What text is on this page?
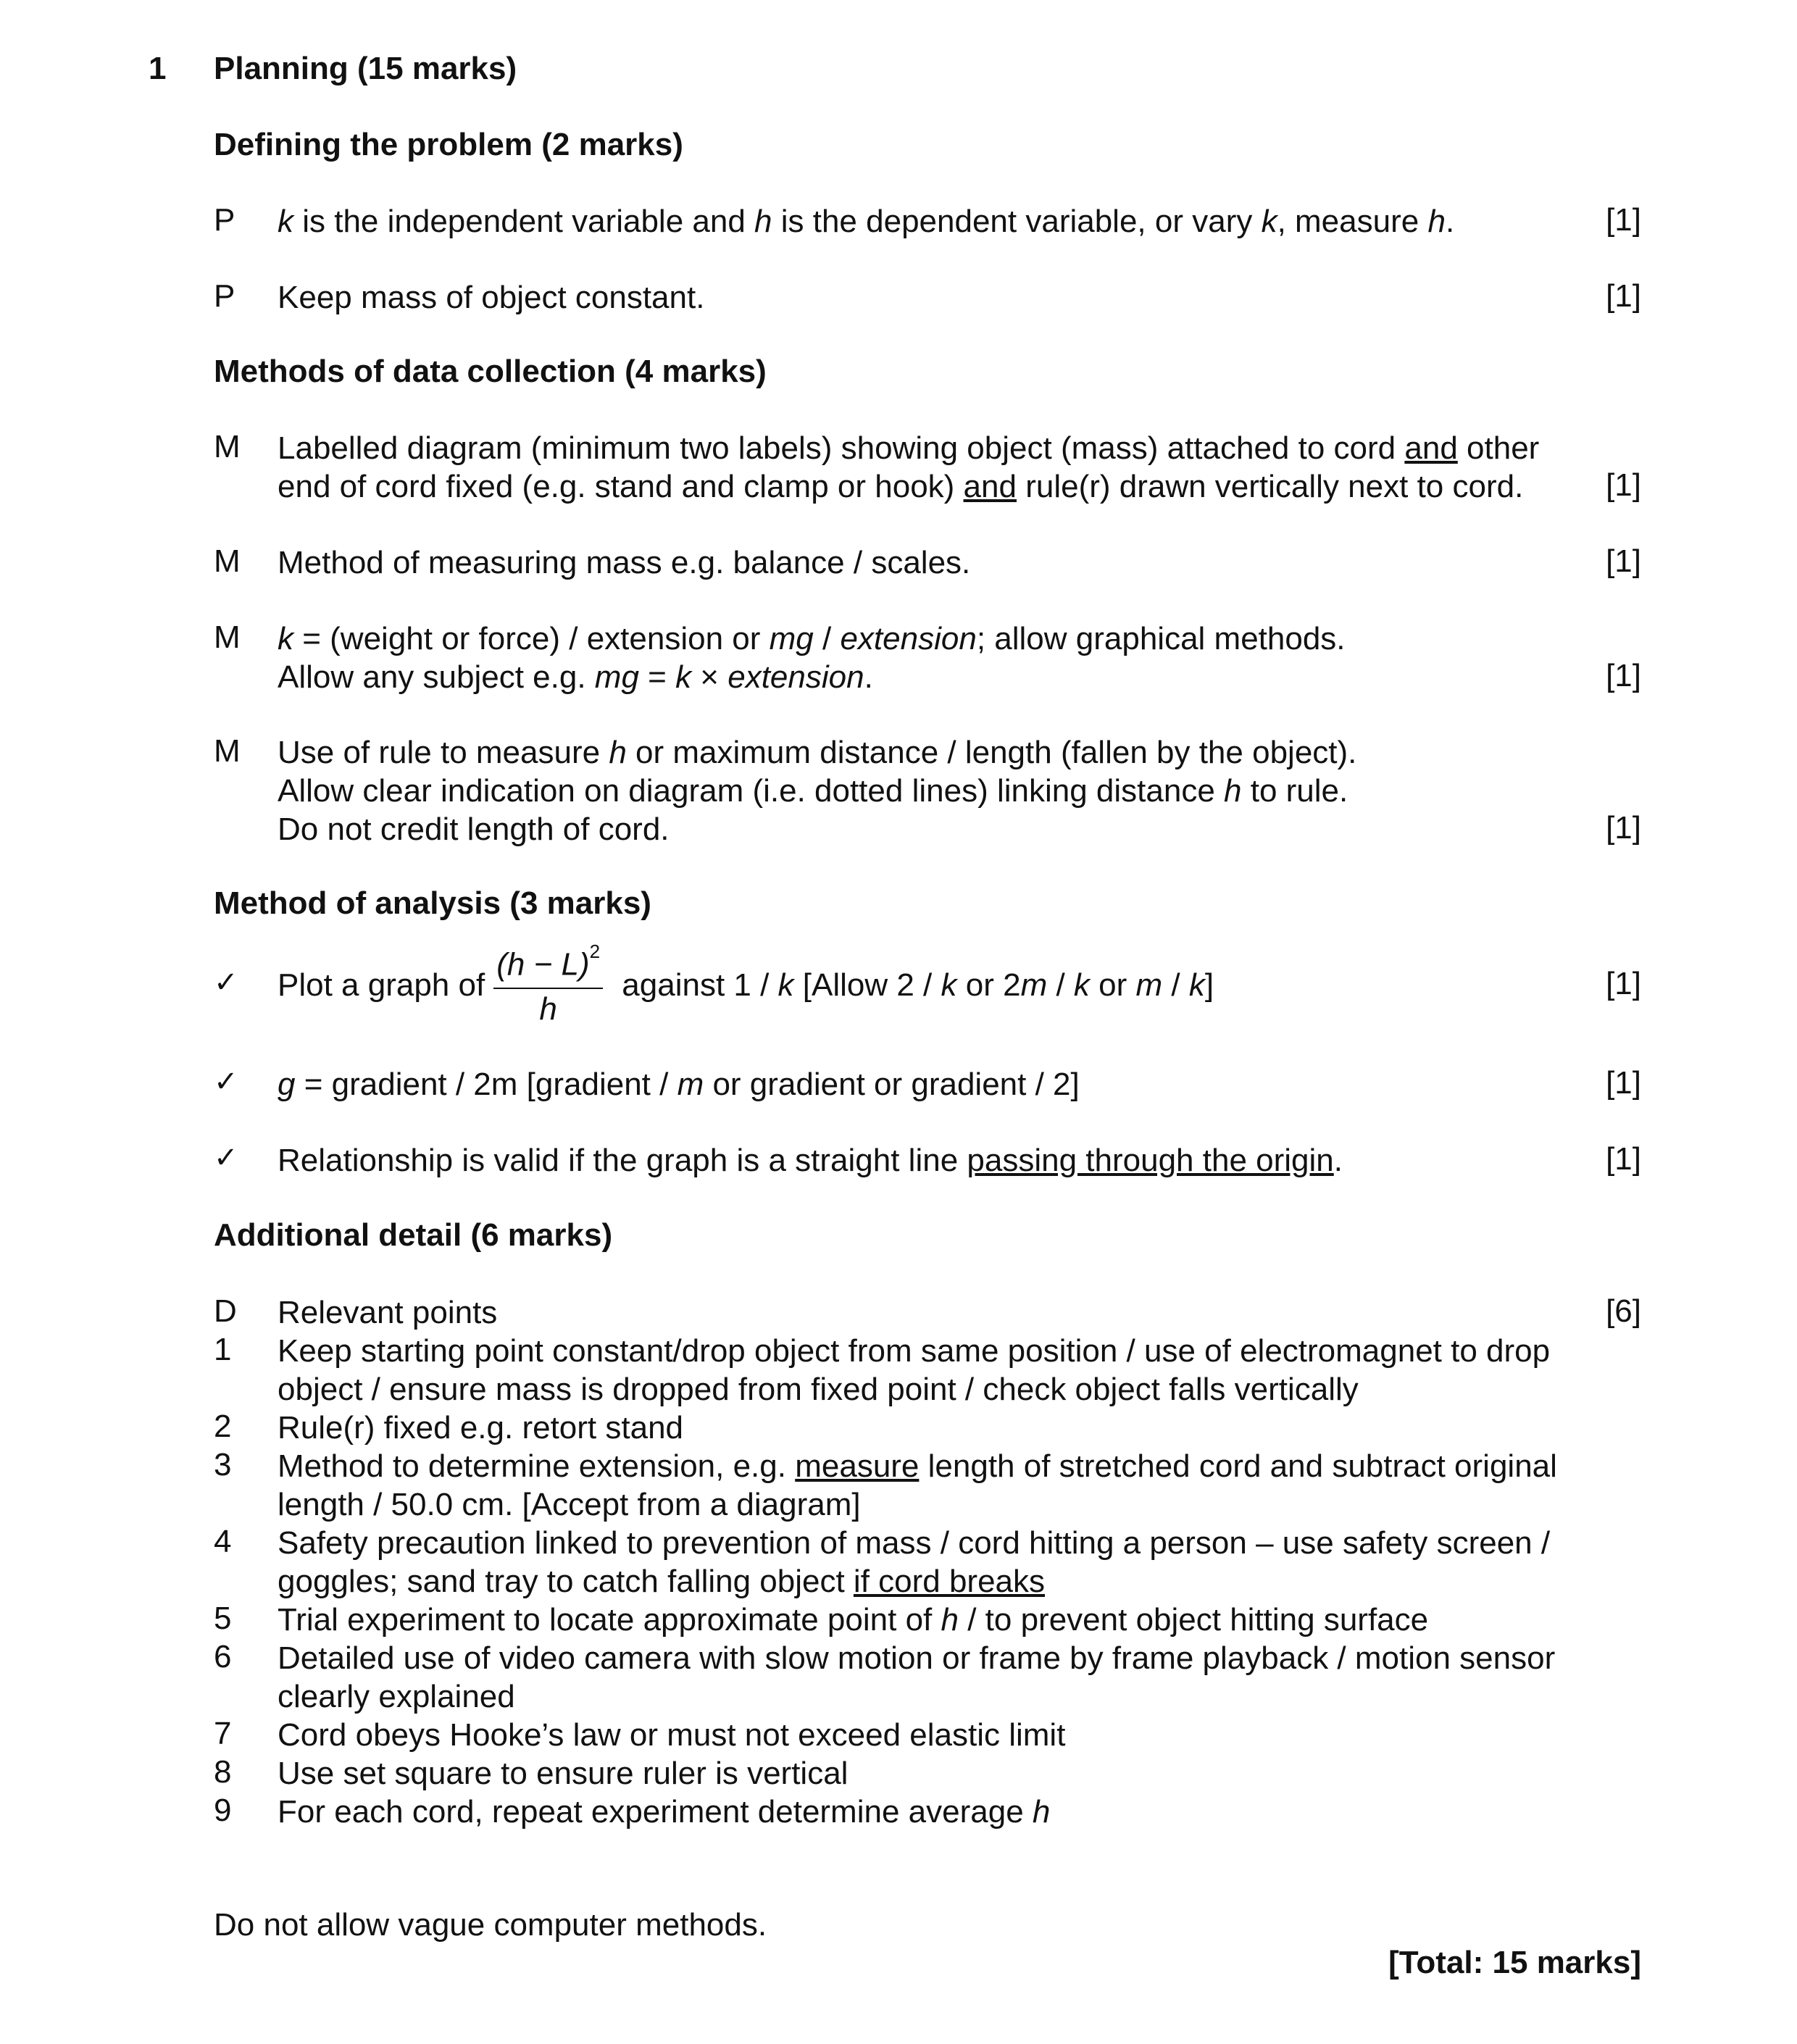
1 Planning (15 marks)
Defining the problem (2 marks)
P k is the independent variable and h is the dependent variable, or vary k, measure h.	[1]
P Keep mass of object constant.	[1]
Methods of data collection (4 marks)
M Labelled diagram (minimum two labels) showing object (mass) attached to cord and other

end of cord fixed (e.g. stand and clamp or hook) and rule(r) drawn vertically next to cord.	[1]
M Method of measuring mass e.g. balance / scales.	[1]
M k = (weight or force) / extension or mg / extension; allow graphical methods.

Allow any subject e.g. mg = k × extension.	[1]
M Use of rule to measure h or maximum distance / length (fallen by the object).

Allow clear indication on diagram (i.e. dotted lines) linking distance h to rule.

Do not credit length of cord.	[1]
Method of analysis (3 marks)
✓ Plot a graph of $\frac{(h - L)^2}{h}$ against 1 / k [Allow 2 / k or 2m / k or m / k]	[1]
✓ g = gradient / 2m [gradient / m or gradient or gradient / 2]	[1]
✓ Relationship is valid if the graph is a straight line passing through the origin.	[1]
Additional detail (6 marks)
D Relevant points	[6]
1 Keep starting point constant/drop object from same position / use of electromagnet to drop object / ensure mass is dropped from fixed point / check object falls vertically
2 Rule(r) fixed e.g. retort stand
3 Method to determine extension, e.g. measure length of stretched cord and subtract original length / 50.0 cm. [Accept from a diagram]
4 Safety precaution linked to prevention of mass / cord hitting a person – use safety screen / goggles; sand tray to catch falling object if cord breaks
5 Trial experiment to locate approximate point of h / to prevent object hitting surface
6 Detailed use of video camera with slow motion or frame by frame playback / motion sensor clearly explained
7 Cord obeys Hooke’s law or must not exceed elastic limit
8 Use set square to ensure ruler is vertical
9 For each cord, repeat experiment determine average h
Do not allow vague computer methods.
[Total: 15 marks]
